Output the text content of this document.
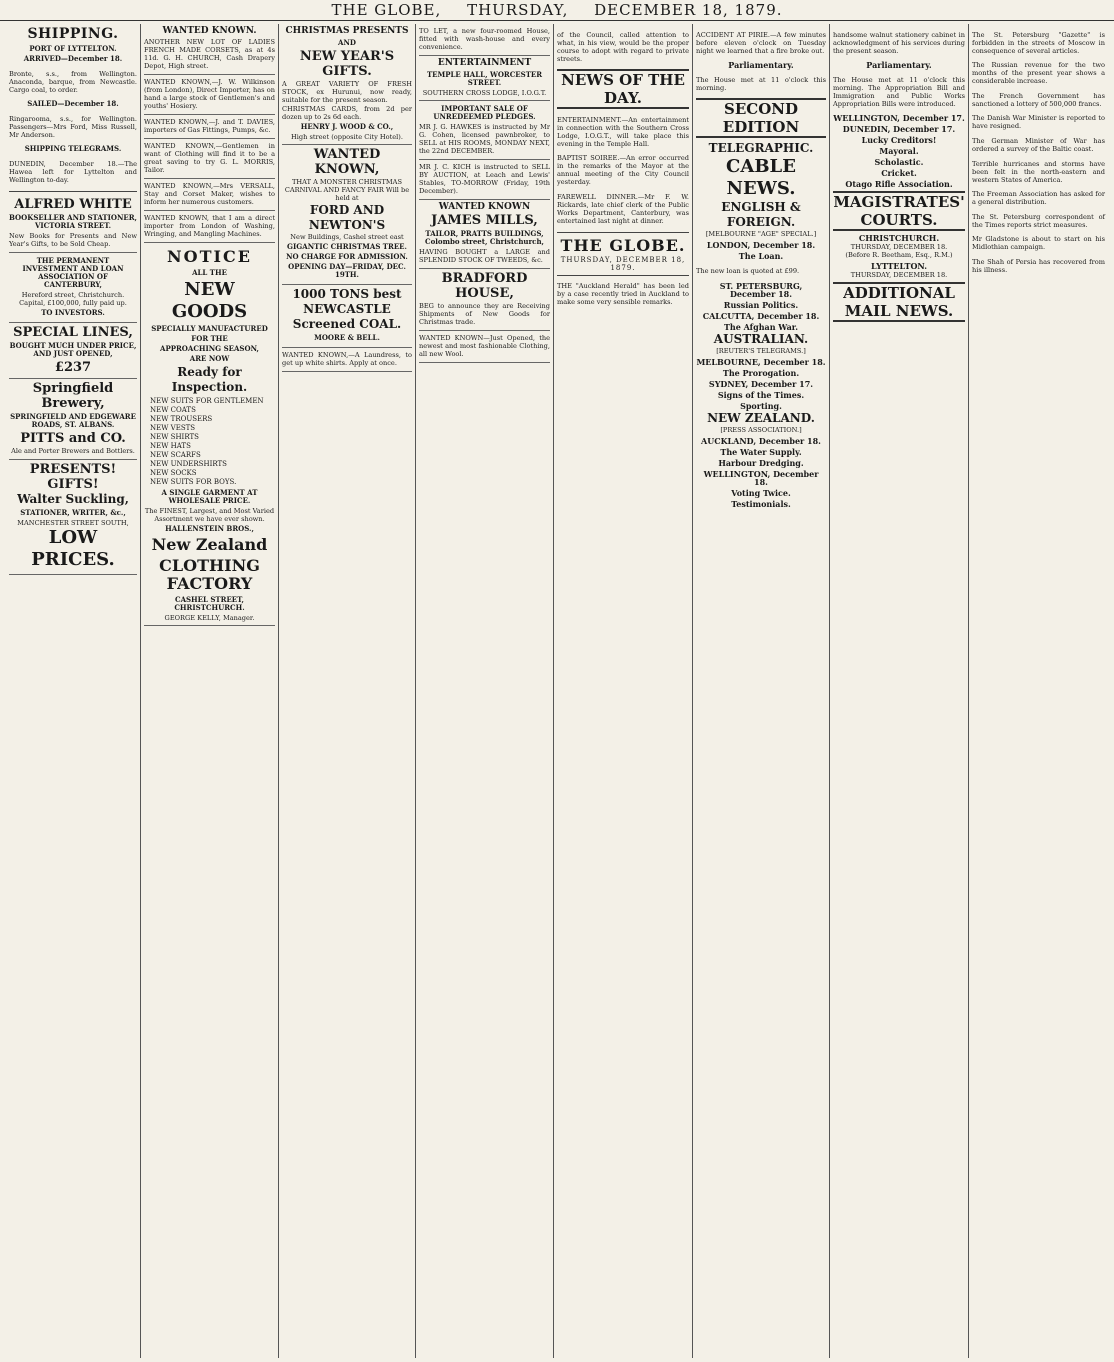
THE GLOBE, THURSDAY, DECEMBER 18, 1879.
SHIPPING.
PORT OF LYTTELTON.
ARRIVED—December 18.

Bronte, s.s., from Wellington. Anaconda, barque, from Newcastle. Cargo coal, to order.

SAILED—December 18.

Ringarooma, s.s., for Wellington. Passengers—Mrs Ford, Miss Russell, Mr Anderson.

SHIPPING TELEGRAMS.

DUNEDIN, December 18.—The Hawea left for Lyttelton and Wellington to-day.

ALFRED WHITE
BOOKSELLER AND STATIONER, VICTORIA STREET.

New Books for Presents and New Year's Gifts, to be Sold Cheap.

THE PERMANENT INVESTMENT AND LOAN ASSOCIATION OF CANTERBURY,
Hereford street, Christchurch.
Capital, £100,000, fully paid up.
TO INVESTORS.
SPECIAL LINES,
BOUGHT MUCH UNDER PRICE, AND JUST OPENED,
£237
Springfield Brewery,
SPRINGFIELD AND EDGEWARE ROADS, ST. ALBANS.
PITTS and CO.

Ale and Porter Brewers and Bottlers.

PRESENTS! GIFTS!
Walter Suckling,
STATIONER, WRITER, &c.,
MANCHESTER STREET SOUTH,
LOW PRICES.
WANTED KNOWN.

ANOTHER NEW LOT OF LADIES FRENCH MADE CORSETS, as at 4s 11d. G. H. CHURCH, Cash Drapery Depot, High street.

WANTED KNOWN,—J. W. Wilkinson (from London), Direct Importer, has on hand a large stock of Gentlemen's and youths' Hosiery.

WANTED KNOWN,—J. and T. DAVIES, importers of Gas Fittings, Pumps, &c.

WANTED KNOWN,—Gentlemen in want of Clothing will find it to be a great saving to try G. L. MORRIS, Tailor.

WANTED KNOWN,—Mrs VERSALL, Stay and Corset Maker, wishes to inform her numerous customers.

WANTED KNOWN, that I am a direct importer from London of Washing, Wringing, and Mangling Machines.

NOTICE
ALL THE
NEW GOODS
SPECIALLY MANUFACTURED
FOR THE
APPROACHING SEASON,
ARE NOW
Ready for Inspection.
NEW SUITS FOR GENTLEMEN
NEW COATS
NEW TROUSERS
NEW VESTS
NEW SHIRTS
NEW HATS
NEW SCARFS
NEW UNDERSHIRTS
NEW SOCKS
NEW SUITS FOR BOYS.
A SINGLE GARMENT AT WHOLESALE PRICE.

The FINEST, Largest, and Most Varied Assortment we have ever shown.

HALLENSTEIN BROS.,
New Zealand
CLOTHING FACTORY
CASHEL STREET, CHRISTCHURCH.
GEORGE KELLY, Manager.
CHRISTMAS PRESENTS
AND
NEW YEAR'S GIFTS.

A GREAT VARIETY OF FRESH STOCK, ex Hurunui, now ready, suitable for the present season.

CHRISTMAS CARDS, from 2d per dozen up to 2s 6d each.

HENRY J. WOOD & CO.,
High street (opposite City Hotel).
WANTED KNOWN,

THAT A MONSTER CHRISTMAS CARNIVAL AND FANCY FAIR Will be held at

FORD AND NEWTON'S
New Buildings, Cashel street east
GIGANTIC CHRISTMAS TREE.
NO CHARGE FOR ADMISSION.
OPENING DAY—FRIDAY, DEC. 19TH.
1000 TONS best NEWCASTLE Screened COAL.
MOORE & BELL.

WANTED KNOWN,—A Laundress, to get up white shirts. Apply at once.

TO LET, a new four-roomed House, fitted with wash-house and every convenience.

ENTERTAINMENT
TEMPLE HALL, WORCESTER STREET.
SOUTHERN CROSS LODGE, I.O.G.T.
IMPORTANT SALE OF UNREDEEMED PLEDGES.

MR J. G. HAWKES is instructed by Mr G. Cohen, licensed pawnbroker, to SELL at HIS ROOMS, MONDAY NEXT, the 22nd DECEMBER.

MR J. C. KICH is instructed to SELL BY AUCTION, at Leach and Lewis' Stables, TO-MORROW (Friday, 19th December).

WANTED KNOWN
JAMES MILLS,
TAILOR, PRATTS BUILDINGS, Colombo street, Christchurch,

HAVING BOUGHT a LARGE and SPLENDID STOCK OF TWEEDS, &c.

BRADFORD HOUSE,

BEG to announce they are Receiving Shipments of New Goods for Christmas trade.

WANTED KNOWN—Just Opened, the newest and most fashionable Clothing, all new Wool.

of the Council, called attention to what, in his view, would be the proper course to adopt with regard to private streets.

NEWS OF THE DAY.

ENTERTAINMENT.—An entertainment in connection with the Southern Cross Lodge, I.O.G.T., will take place this evening in the Temple Hall.

BAPTIST SOIREE.—An error occurred in the remarks of the Mayor at the annual meeting of the City Council yesterday.

FAREWELL DINNER.—Mr F. W. Rickards, late chief clerk of the Public Works Department, Canterbury, was entertained last night at dinner.

THE GLOBE.
THURSDAY, DECEMBER 18, 1879.

THE "Auckland Herald" has been led by a case recently tried in Auckland to make some very sensible remarks.

ACCIDENT AT PIRIE.—A few minutes before eleven o'clock on Tuesday night we learned that a fire broke out.

Parliamentary.

The House met at 11 o'clock this morning.

SECOND EDITION
TELEGRAPHIC.
CABLE NEWS.
ENGLISH & FOREIGN.
[MELBOURNE "AGE" SPECIAL.]
LONDON, December 18.
The Loan.

The new loan is quoted at £99.

ST. PETERSBURG, December 18.
Russian Politics.
CALCUTTA, December 18.
The Afghan War.
AUSTRALIAN.
[REUTER'S TELEGRAMS.]
MELBOURNE, December 18.
The Prorogation.
SYDNEY, December 17.
Signs of the Times.
Sporting.
NEW ZEALAND.
[PRESS ASSOCIATION.]
AUCKLAND, December 18.
The Water Supply.
Harbour Dredging.
WELLINGTON, December 18.
Voting Twice.
Testimonials.

handsome walnut stationery cabinet in acknowledgment of his services during the present season.

Parliamentary.

The House met at 11 o'clock this morning. The Appropriation Bill and Immigration and Public Works Appropriation Bills were introduced.

WELLINGTON, December 17.
DUNEDIN, December 17.
Lucky Creditors!
Mayoral.
Scholastic.
Cricket.
Otago Rifle Association.
MAGISTRATES' COURTS.
CHRISTCHURCH.
THURSDAY, DECEMBER 18.
(Before R. Beetham, Esq., R.M.)
LYTTELTON.
THURSDAY, DECEMBER 18.
ADDITIONAL MAIL NEWS.

The St. Petersburg "Gazette" is forbidden in the streets of Moscow in consequence of several articles.

The Russian revenue for the two months of the present year shows a considerable increase.

The French Government has sanctioned a lottery of 500,000 francs.

The Danish War Minister is reported to have resigned.

The German Minister of War has ordered a survey of the Baltic coast.

Terrible hurricanes and storms have been felt in the north-eastern and western States of America.

The Freeman Association has asked for a general distribution.

The St. Petersburg correspondent of the Times reports strict measures.

Mr Gladstone is about to start on his Midlothian campaign.

The Shah of Persia has recovered from his illness.
